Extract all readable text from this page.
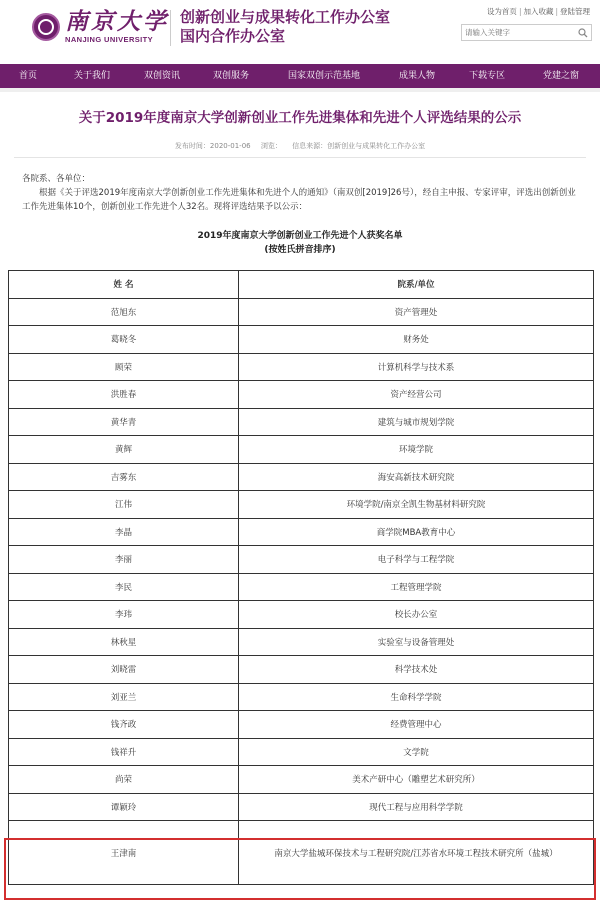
南京大学
NANJING UNIVERSITY
创新创业与成果转化工作办公室
国内合作办公室
设为首页 | 加入收藏 | 登陆管理
请输入关键字
首页	关于我们	双创资讯	双创服务	国家双创示范基地	成果人物	下载专区	党建之窗
关于2019年度南京大学创新创业工作先进集体和先进个人评选结果的公示
发布时间：2020-01-06 浏览： 信息来源：创新创业与成果转化工作办公室

各院系、各单位：

根据《关于评选2019年度南京大学创新创业工作先进集体和先进个人的通知》（南双创[2019]26号），经自主申报、专家评审，评选出创新创业工作先进集体10个，创新创业工作先进个人32名。现将评选结果予以公示：

2019年度南京大学创新创业工作先进个人获奖名单
(按姓氏拼音排序)
姓 名	院系/单位
范旭东	资产管理处
葛晓冬	财务处
顾荣	计算机科学与技术系
洪胜春	资产经营公司
黄华青	建筑与城市规划学院
黄辉	环境学院
吉雾东	海安高新技术研究院
江伟	环境学院/南京全凯生物基材料研究院
李晶	商学院MBA教育中心
李丽	电子科学与工程学院
李民	工程管理学院
李玮	校长办公室
林秋星	实验室与设备管理处
刘晓雷	科学技术处
刘亚兰	生命科学学院
钱齐政	经费管理中心
钱祥升	文学院
尚荣	美术产研中心（雕塑艺术研究所）
谭颖玲	现代工程与应用科学学院
王津南	南京大学盐城环保技术与工程研究院/江苏省水环境工程技术研究所（盐城）
